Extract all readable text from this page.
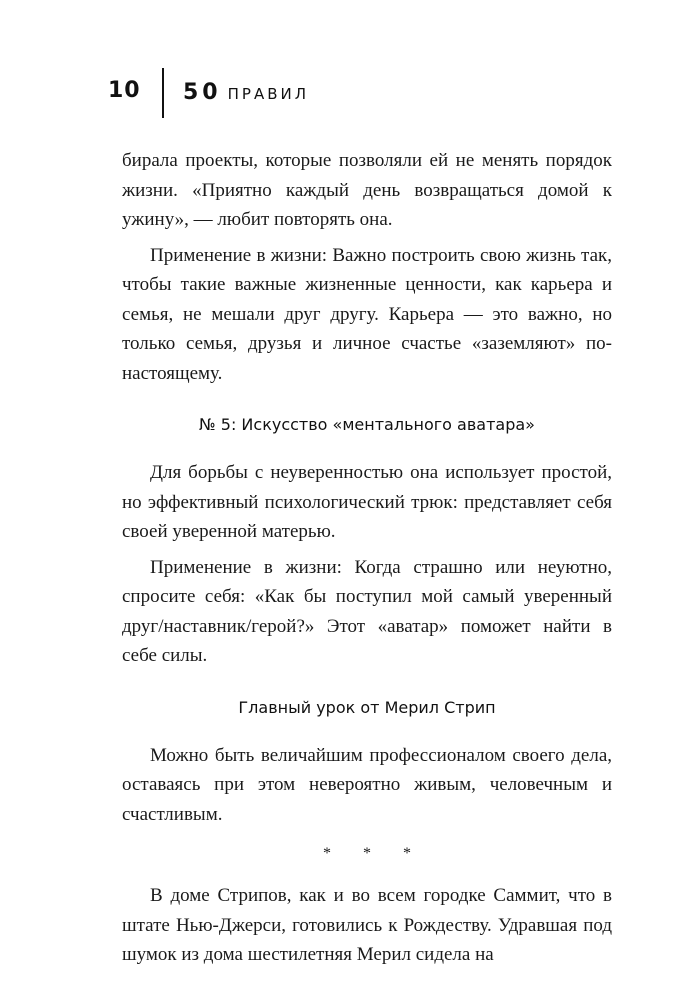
10 50 ПРАВИЛ

бирала проекты, которые позволяли ей не менять порядок жизни. «Приятно каждый день возвращаться домой к ужину», — любит повторять она.

Применение в жизни: Важно построить свою жизнь так, чтобы такие важные жизненные ценности, как карьера и семья, не мешали друг другу. Карьера — это важно, но только семья, друзья и личное счастье «заземляют» по-настоящему.

№ 5: Искусство «ментального аватара»

Для борьбы с неуверенностью она использует простой, но эффективный психологический трюк: представляет себя своей уверенной матерью.

Применение в жизни: Когда страшно или неуютно, спросите себя: «Как бы поступил мой самый уверенный друг/наставник/герой?» Этот «аватар» поможет найти в себе силы.

Главный урок от Мерил Стрип

Можно быть величайшим профессионалом своего дела, оставаясь при этом невероятно живым, человечным и счастливым.

* * *

В доме Стрипов, как и во всем городке Саммит, что в штате Нью-Джерси, готовились к Рождеству. Удравшая под шумок из дома шестилетняя Мерил сидела на
